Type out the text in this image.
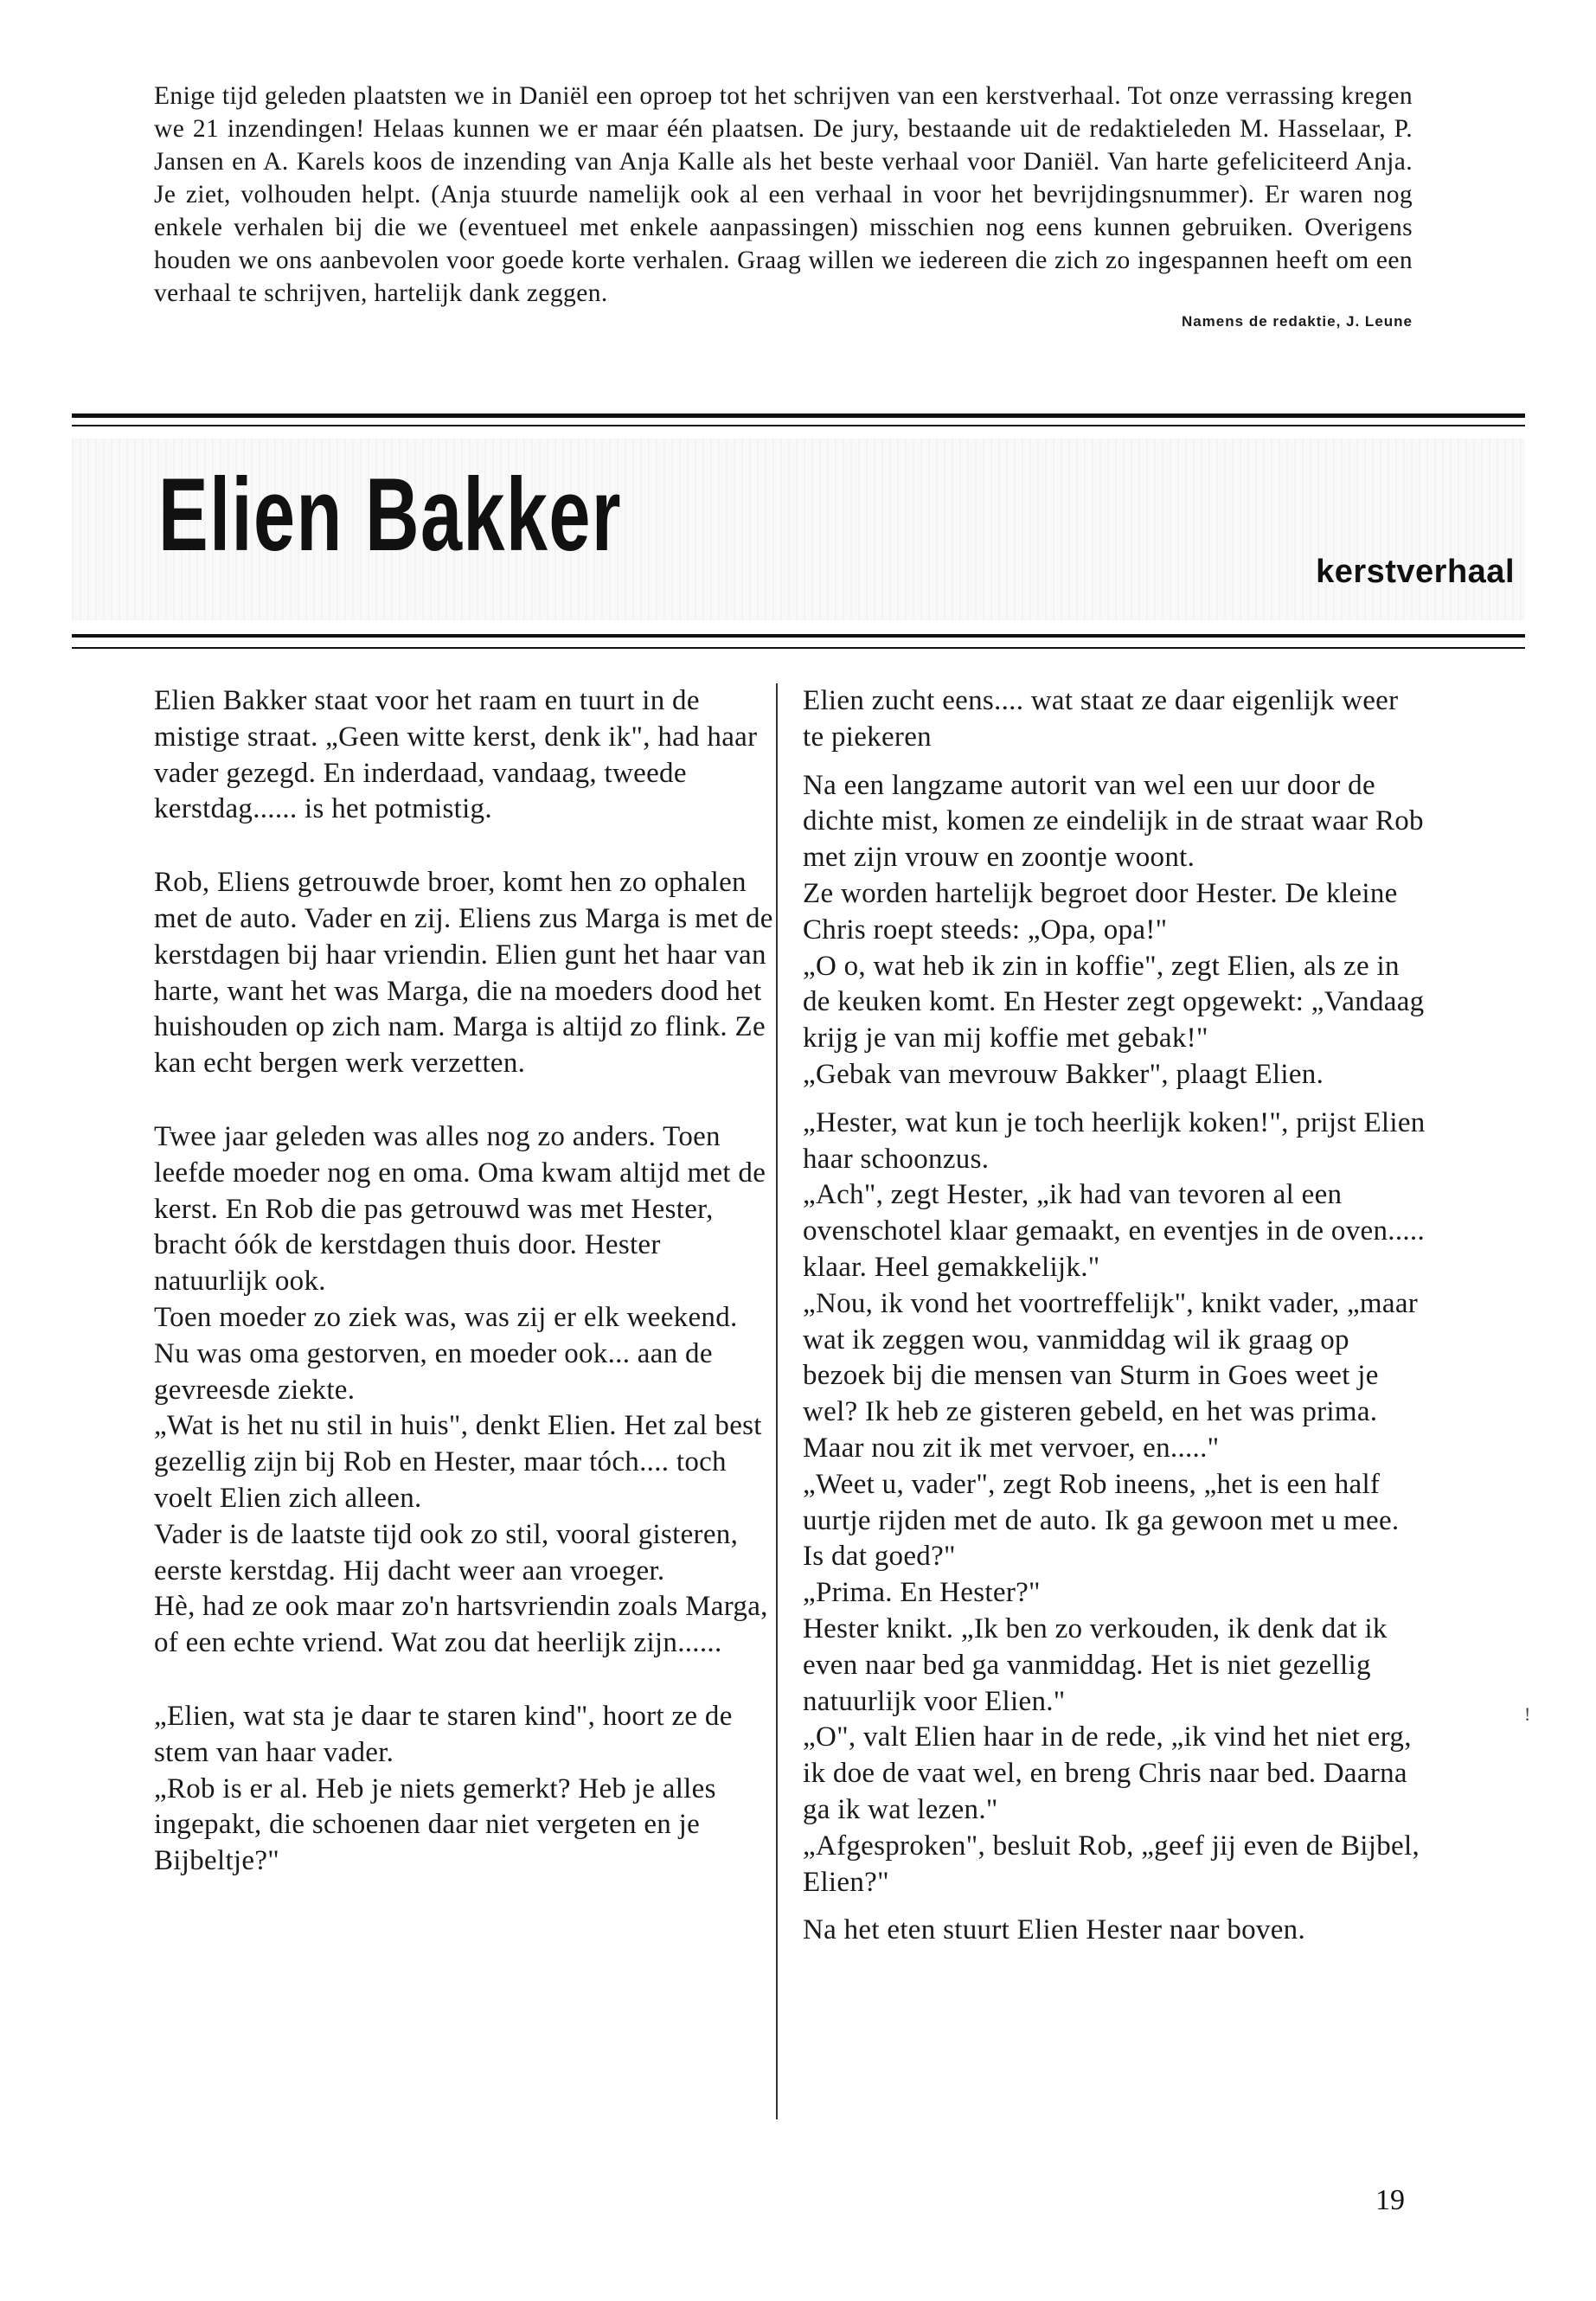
Enige tijd geleden plaatsten we in Daniël een oproep tot het schrijven van een kerstverhaal. Tot onze verrassing kregen we 21 inzendingen! Helaas kunnen we er maar één plaatsen. De jury, bestaande uit de redaktieleden M. Hasselaar, P. Jansen en A. Karels koos de inzending van Anja Kalle als het beste verhaal voor Daniël. Van harte gefeliciteerd Anja. Je ziet, volhouden helpt. (Anja stuurde namelijk ook al een verhaal in voor het bevrijdingsnummer). Er waren nog enkele verhalen bij die we (eventueel met enkele aanpassingen) misschien nog eens kunnen gebruiken. Overigens houden we ons aanbevolen voor goede korte verhalen. Graag willen we iedereen die zich zo ingespannen heeft om een verhaal te schrijven, hartelijk dank zeggen.

Namens de redaktie, J. Leune

Elien Bakker	kerstverhaal

Elien Bakker staat voor het raam en tuurt in de mistige straat. „Geen witte kerst, denk ik", had haar vader gezegd. En inderdaad, vandaag, tweede kerstdag...... is het potmistig.

Rob, Eliens getrouwde broer, komt hen zo ophalen met de auto. Vader en zij. Eliens zus Marga is met de kerstdagen bij haar vriendin. Elien gunt het haar van harte, want het was Marga, die na moeders dood het huishouden op zich nam. Marga is altijd zo flink. Ze kan echt bergen werk verzetten.

Twee jaar geleden was alles nog zo anders. Toen leefde moeder nog en oma. Oma kwam altijd met de kerst. En Rob die pas getrouwd was met Hester, bracht óók de kerstdagen thuis door. Hester natuurlijk ook.
Toen moeder zo ziek was, was zij er elk weekend. Nu was oma gestorven, en moeder ook... aan de gevreesde ziekte.
„Wat is het nu stil in huis", denkt Elien. Het zal best gezellig zijn bij Rob en Hester, maar tóch.... toch voelt Elien zich alleen.
Vader is de laatste tijd ook zo stil, vooral gisteren, eerste kerstdag. Hij dacht weer aan vroeger.
Hè, had ze ook maar zo'n hartsvriendin zoals Marga, of een echte vriend. Wat zou dat heerlijk zijn......

„Elien, wat sta je daar te staren kind", hoort ze de stem van haar vader.
„Rob is er al. Heb je niets gemerkt? Heb je alles ingepakt, die schoenen daar niet vergeten en je Bijbeltje?"

Elien zucht eens.... wat staat ze daar eigenlijk weer te piekeren

Na een langzame autorit van wel een uur door de dichte mist, komen ze eindelijk in de straat waar Rob met zijn vrouw en zoontje woont.
Ze worden hartelijk begroet door Hester. De kleine Chris roept steeds: „Opa, opa!"
„O o, wat heb ik zin in koffie", zegt Elien, als ze in de keuken komt. En Hester zegt opgewekt: „Vandaag krijg je van mij koffie met gebak!"
„Gebak van mevrouw Bakker", plaagt Elien.

„Hester, wat kun je toch heerlijk koken!", prijst Elien haar schoonzus.
„Ach", zegt Hester, „ik had van tevoren al een ovenschotel klaar gemaakt, en eventjes in de oven..... klaar. Heel gemakkelijk."
„Nou, ik vond het voortreffelijk", knikt vader, „maar wat ik zeggen wou, vanmiddag wil ik graag op bezoek bij die mensen van Sturm in Goes weet je wel? Ik heb ze gisteren gebeld, en het was prima. Maar nou zit ik met vervoer, en....."
„Weet u, vader", zegt Rob ineens, „het is een half uurtje rijden met de auto. Ik ga gewoon met u mee. Is dat goed?"
„Prima. En Hester?"
Hester knikt. „Ik ben zo verkouden, ik denk dat ik even naar bed ga vanmiddag. Het is niet gezellig natuurlijk voor Elien."
„O", valt Elien haar in de rede, „ik vind het niet erg, ik doe de vaat wel, en breng Chris naar bed. Daarna ga ik wat lezen."
„Afgesproken", besluit Rob, „geef jij even de Bijbel, Elien?"

Na het eten stuurt Elien Hester naar boven.

!
19
